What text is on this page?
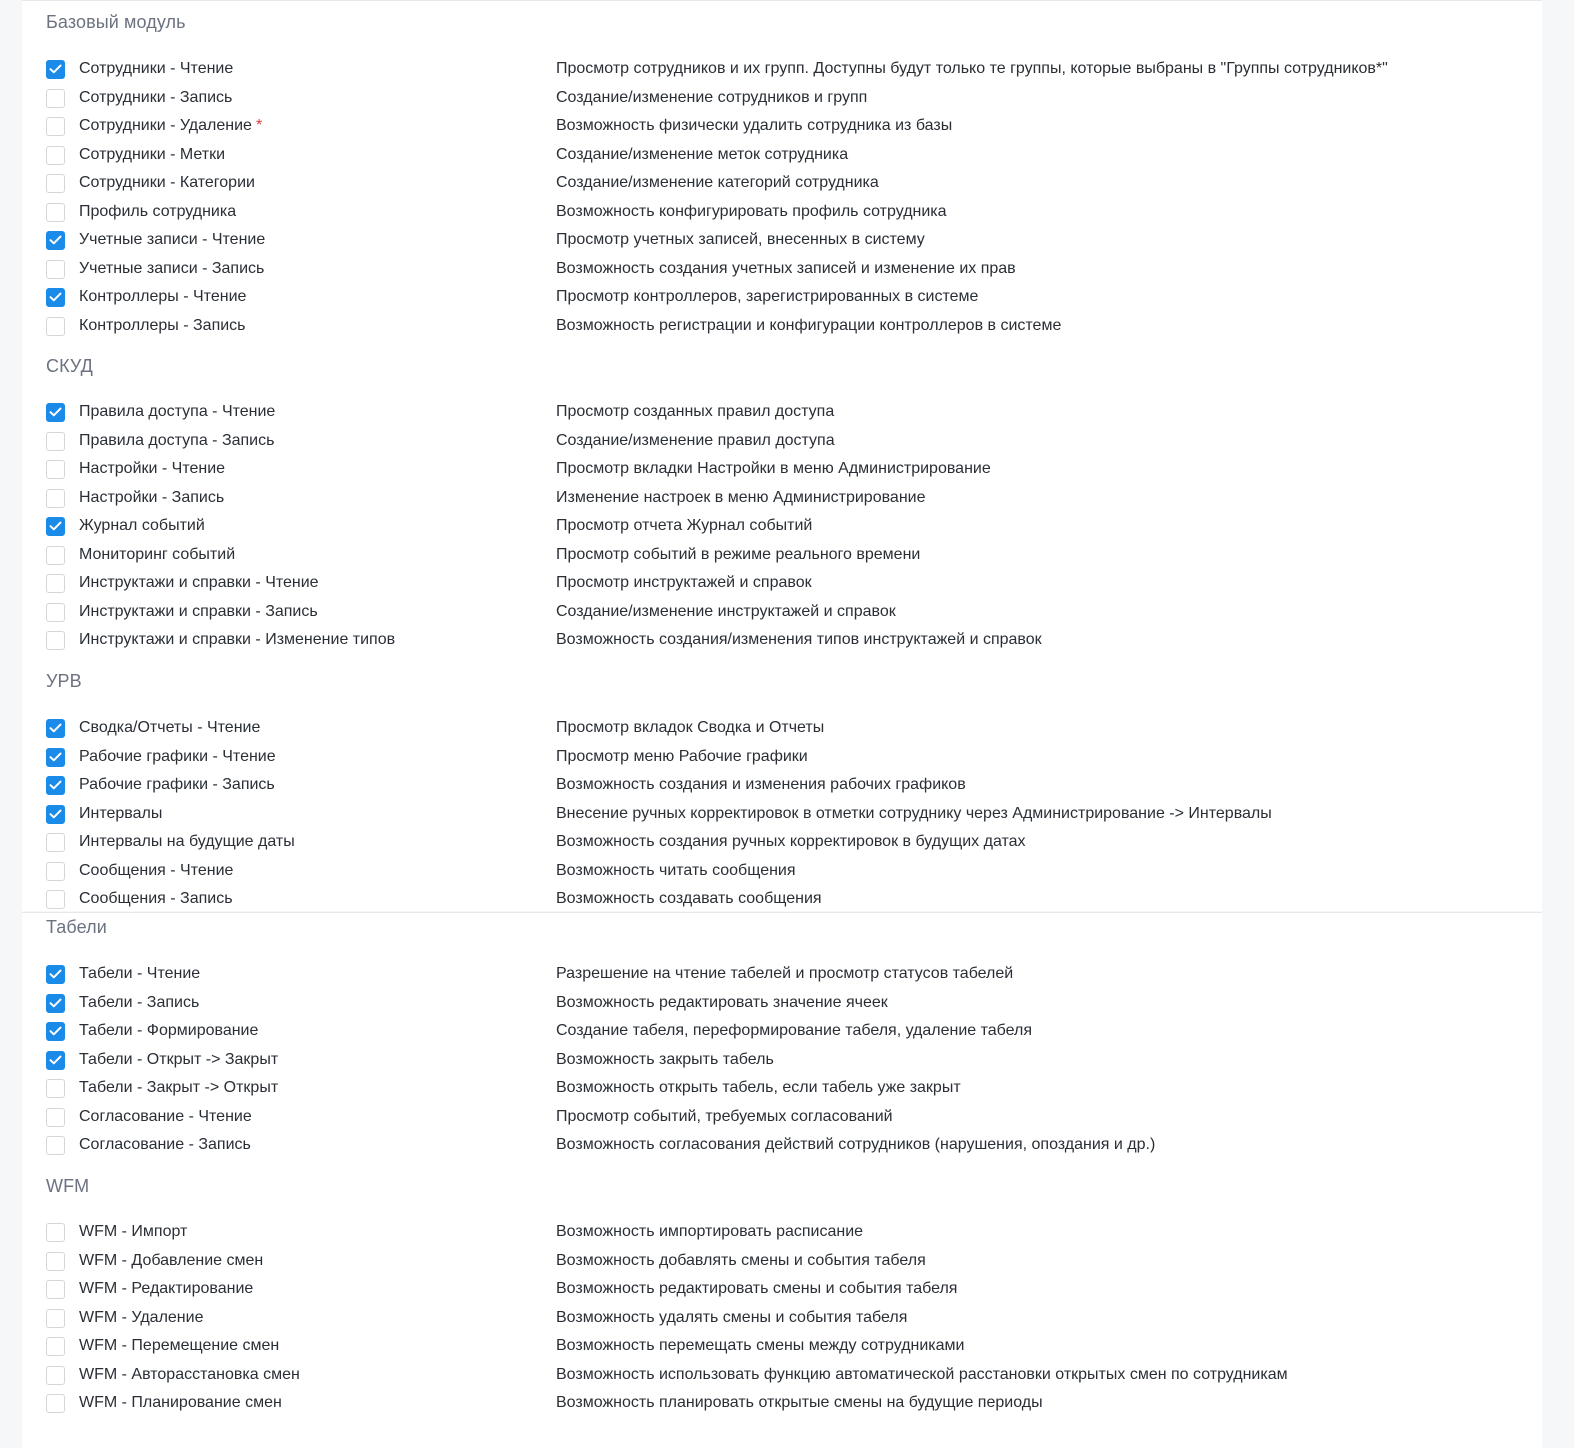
Базовый модуль
Сотрудники - Чтение	Просмотр сотрудников и их групп. Доступны будут только те группы, которые выбраны в "Группы сотрудников*"
Сотрудники - Запись	Создание/изменение сотрудников и групп
Сотрудники - Удаление *	Возможность физически удалить сотрудника из базы
Сотрудники - Метки	Создание/изменение меток сотрудника
Сотрудники - Категории	Создание/изменение категорий сотрудника
Профиль сотрудника	Возможность конфигурировать профиль сотрудника
Учетные записи - Чтение	Просмотр учетных записей, внесенных в систему
Учетные записи - Запись	Возможность создания учетных записей и изменение их прав
Контроллеры - Чтение	Просмотр контроллеров, зарегистрированных в системе
Контроллеры - Запись	Возможность регистрации и конфигурации контроллеров в системе
СКУД
Правила доступа - Чтение	Просмотр созданных правил доступа
Правила доступа - Запись	Создание/изменение правил доступа
Настройки - Чтение	Просмотр вкладки Настройки в меню Администрирование
Настройки - Запись	Изменение настроек в меню Администрирование
Журнал событий	Просмотр отчета Журнал событий
Мониторинг событий	Просмотр событий в режиме реального времени
Инструктажи и справки - Чтение	Просмотр инструктажей и справок
Инструктажи и справки - Запись	Создание/изменение инструктажей и справок
Инструктажи и справки - Изменение типов	Возможность создания/изменения типов инструктажей и справок
УРВ
Сводка/Отчеты - Чтение	Просмотр вкладок Сводка и Отчеты
Рабочие графики - Чтение	Просмотр меню Рабочие графики
Рабочие графики - Запись	Возможность создания и изменения рабочих графиков
Интервалы	Внесение ручных корректировок в отметки сотруднику через Администрирование -> Интервалы
Интервалы на будущие даты	Возможность создания ручных корректировок в будущих датах
Сообщения - Чтение	Возможность читать сообщения
Сообщения - Запись	Возможность создавать сообщения
Табели
Табели - Чтение	Разрешение на чтение табелей и просмотр статусов табелей
Табели - Запись	Возможность редактировать значение ячеек
Табели - Формирование	Создание табеля, переформирование табеля, удаление табеля
Табели - Открыт -> Закрыт	Возможность закрыть табель
Табели - Закрыт -> Открыт	Возможность открыть табель, если табель уже закрыт
Согласование - Чтение	Просмотр событий, требуемых согласований
Согласование - Запись	Возможность согласования действий сотрудников (нарушения, опоздания и др.)
WFM
WFM - Импорт	Возможность импортировать расписание
WFM - Добавление смен	Возможность добавлять смены и события табеля
WFM - Редактирование	Возможность редактировать смены и события табеля
WFM - Удаление	Возможность удалять смены и события табеля
WFM - Перемещение смен	Возможность перемещать смены между сотрудниками
WFM - Авторасстановка смен	Возможность использовать функцию автоматической расстановки открытых смен по сотрудникам
WFM - Планирование смен	Возможность планировать открытые смены на будущие периоды
